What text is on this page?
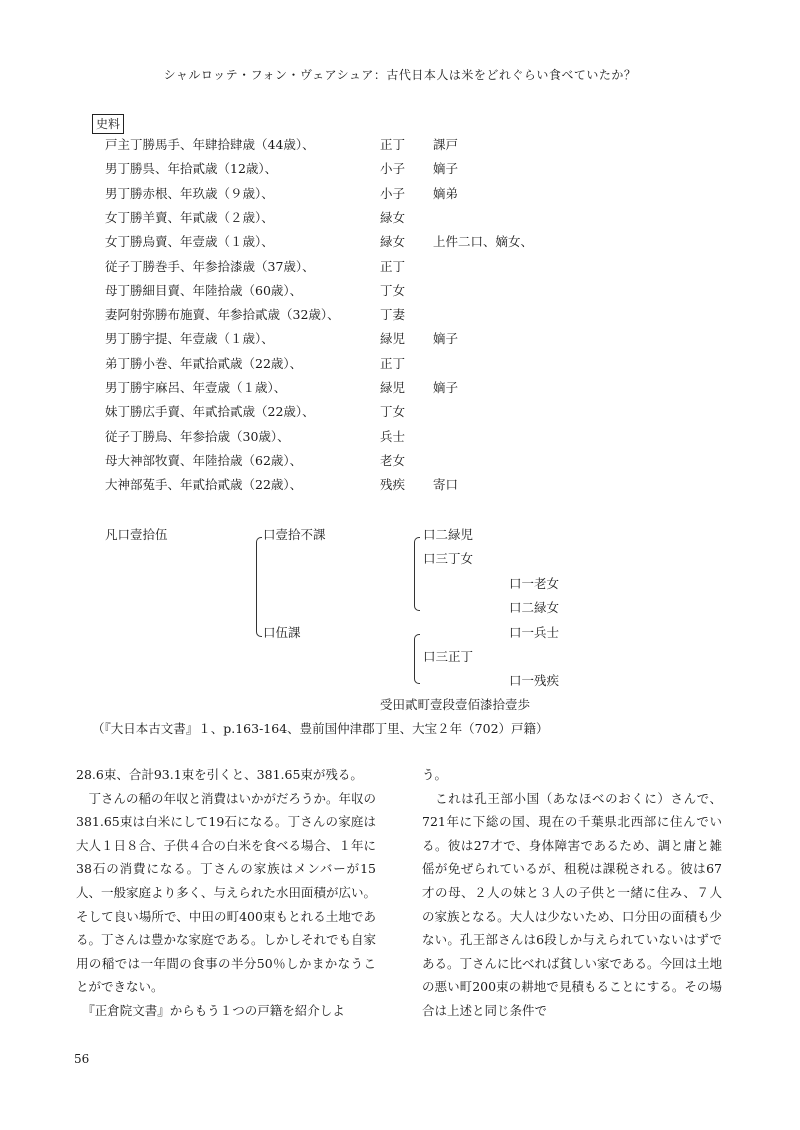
シャルロッテ・フォン・ヴェアシュア：古代日本人は米をどれぐらい食べていたか？
史料
戸主丁勝馬手、年肆拾肆歳（44歳）、	正丁 課戸
男丁勝呉、年拾貳歳（12歳）、	小子 嫡子
男丁勝赤根、年玖歳（９歳）、	小子 嫡弟
女丁勝羊賣、年貳歳（２歳）、	緑女
女丁勝烏賣、年壹歳（１歳）、	緑女 上件二口、嫡女、
従子丁勝巻手、年参拾漆歳（37歳）、	正丁
母丁勝細目賣、年陸拾歳（60歳）、	丁女
妻阿射弥勝布施賣、年参拾貳歳（32歳）、	丁妻
男丁勝宇提、年壹歳（１歳）、	緑児 嫡子
弟丁勝小巻、年貳拾貳歳（22歳）、	正丁
男丁勝宇麻呂、年壹歳（１歳）、	緑児 嫡子
妹丁勝広手賣、年貳拾貳歳（22歳）、	丁女
従子丁勝鳥、年参拾歳（30歳）、	兵士
母大神部牧賣、年陸拾歳（62歳）、	老女
大神部菟手、年貳拾貳歳（22歳）、	残疾 寄口
凡口壹拾伍	口壹拾不課
口伍課
口二緑児
口三丁女
口一老女
口二緑女
口一兵士
口三正丁
口一残疾
受田貳町壹段壹佰漆拾壹歩
（『大日本古文書』１、p.163-164、豊前国仲津郡丁里、大宝２年（702）戸籍）

28.6束、合計93.1束を引くと、381.65束が残る。

　丁さんの稲の年収と消費はいかがだろうか。年収の381.65束は白米にして19石になる。丁さんの家庭は大人１日８合、子供４合の白米を食べる場合、１年に38石の消費になる。丁さんの家族はメンバーが15人、一般家庭より多く、与えられた水田面積が広い。そして良い場所で、中田の町400束もとれる土地である。丁さんは豊かな家庭である。しかしそれでも自家用の稲では一年間の食事の半分50％しかまかなうことができない。

　『正倉院文書』からもう１つの戸籍を紹介しよ

う。

　これは孔王部小国（あなほべのおくに）さんで、721年に下総の国、現在の千葉県北西部に住んでいる。彼は27才で、身体障害であるため、調と庸と雑傜が免ぜられているが、租税は課税される。彼は67才の母、２人の妹と３人の子供と一緒に住み、７人の家族となる。大人は少ないため、口分田の面積も少ない。孔王部さんは6段しか与えられていないはずである。丁さんに比べれば貧しい家である。今回は土地の悪い町200束の耕地で見積もることにする。その場合は上述と同じ条件で

56
